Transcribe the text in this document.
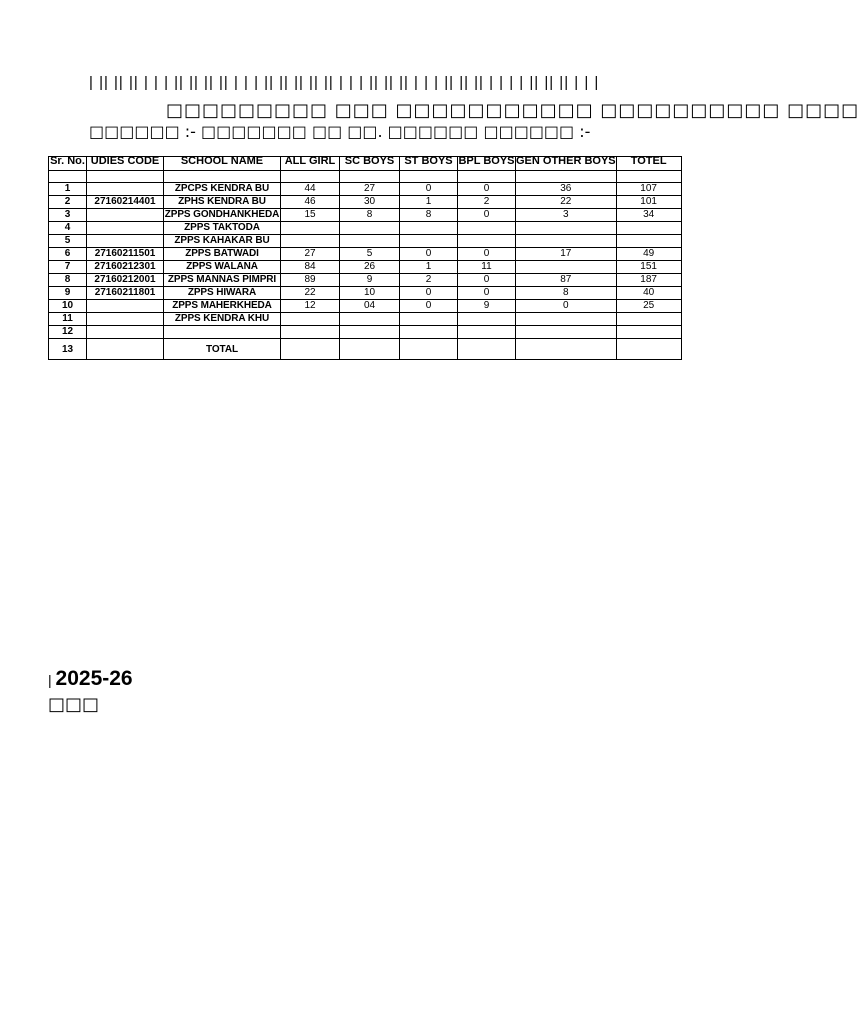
| || || || | | | || || || || | | | || || || || || | | | || || || | | | || || || | | | | || || || | | |
□□□□□□□□□ □□□ □□□□□□□□□□□ □□□□□□□□□□ □□□□
□□□□□□ :- □□□□□□□ □□ □□. □□□□□□ □□□□□□ :-
Sr. No.	UDIES CODE	SCHOOL NAME	ALL GIRL	SC BOYS	ST BOYS	BPL BOYS	GEN OTHER BOYS	TOTEL

1		ZPCPS KENDRA BU	44	27	0	0	36	107
2	27160214401	ZPHS KENDRA BU	46	30	1	2	22	101
3		ZPPS GONDHANKHEDA	15	8	8	0	3	34
4		ZPPS TAKTODA						
5		ZPPS KAHAKAR BU						
6	27160211501	ZPPS BATWADI	27	5	0	0	17	49
7	27160212301	ZPPS WALANA	84	26	1	11		151
8	27160212001	ZPPS MANNAS PIMPRI	89	9	2	0	87	187
9	27160211801	ZPPS HIWARA	22	10	0	0	8	40
10		ZPPS MAHERKHEDA	12	04	0	9	0	25
11		ZPPS KENDRA KHU						
12								
13		TOTAL						
| 2025-26
□□□
